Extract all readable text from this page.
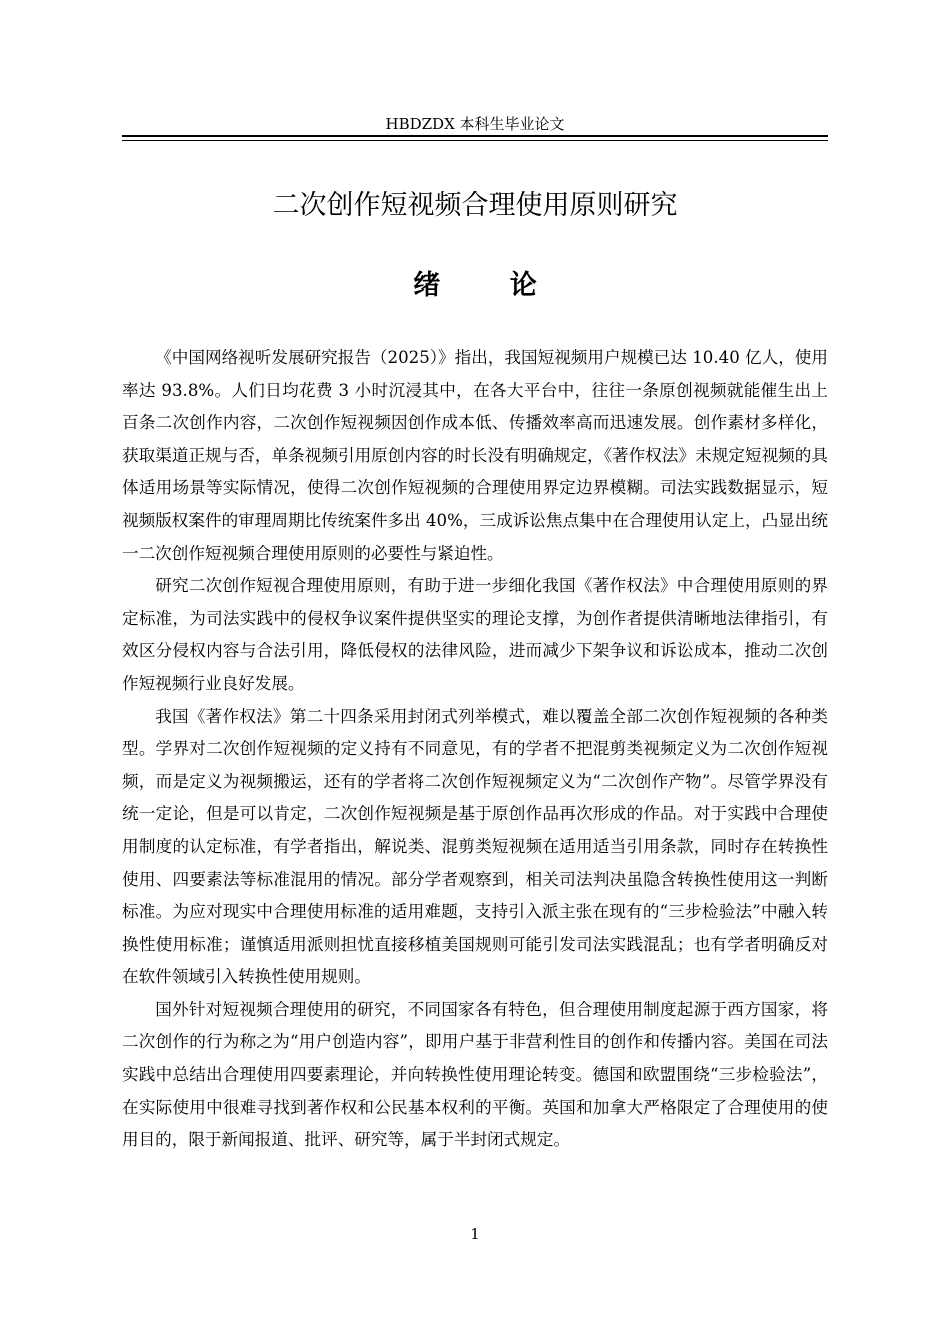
HBDZDX 本科生毕业论文
二次创作短视频合理使用原则研究
绪 论

《中国网络视听发展研究报告（2025）》指出，我国短视频用户规模已达 10.40 亿人，使用率达 93.8%。人们日均花费 3 小时沉浸其中，在各大平台中，往往一条原创视频就能催生出上百条二次创作内容，二次创作短视频因创作成本低、传播效率高而迅速发展。创作素材多样化，获取渠道正规与否，单条视频引用原创内容的时长没有明确规定，《著作权法》未规定短视频的具体适用场景等实际情况，使得二次创作短视频的合理使用界定边界模糊。司法实践数据显示，短视频版权案件的审理周期比传统案件多出 40%，三成诉讼焦点集中在合理使用认定上，凸显出统一二次创作短视频合理使用原则的必要性与紧迫性。

研究二次创作短视合理使用原则，有助于进一步细化我国《著作权法》中合理使用原则的界定标准，为司法实践中的侵权争议案件提供坚实的理论支撑，为创作者提供清晰地法律指引，有效区分侵权内容与合法引用，降低侵权的法律风险，进而减少下架争议和诉讼成本，推动二次创作短视频行业良好发展。

我国《著作权法》第二十四条采用封闭式列举模式，难以覆盖全部二次创作短视频的各种类型。学界对二次创作短视频的定义持有不同意见，有的学者不把混剪类视频定义为二次创作短视频，而是定义为视频搬运，还有的学者将二次创作短视频定义为“二次创作产物”。尽管学界没有统一定论，但是可以肯定，二次创作短视频是基于原创作品再次形成的作品。对于实践中合理使用制度的认定标准，有学者指出，解说类、混剪类短视频在适用适当引用条款，同时存在转换性使用、四要素法等标准混用的情况。部分学者观察到，相关司法判决虽隐含转换性使用这一判断标准。为应对现实中合理使用标准的适用难题，支持引入派主张在现有的“三步检验法”中融入转换性使用标准；谨慎适用派则担忧直接移植美国规则可能引发司法实践混乱；也有学者明确反对在软件领域引入转换性使用规则。

国外针对短视频合理使用的研究，不同国家各有特色，但合理使用制度起源于西方国家，将二次创作的行为称之为“用户创造内容”，即用户基于非营利性目的创作和传播内容。美国在司法实践中总结出合理使用四要素理论，并向转换性使用理论转变。德国和欧盟围绕“三步检验法”，在实际使用中很难寻找到著作权和公民基本权利的平衡。英国和加拿大严格限定了合理使用的使用目的，限于新闻报道、批评、研究等，属于半封闭式规定。

1
